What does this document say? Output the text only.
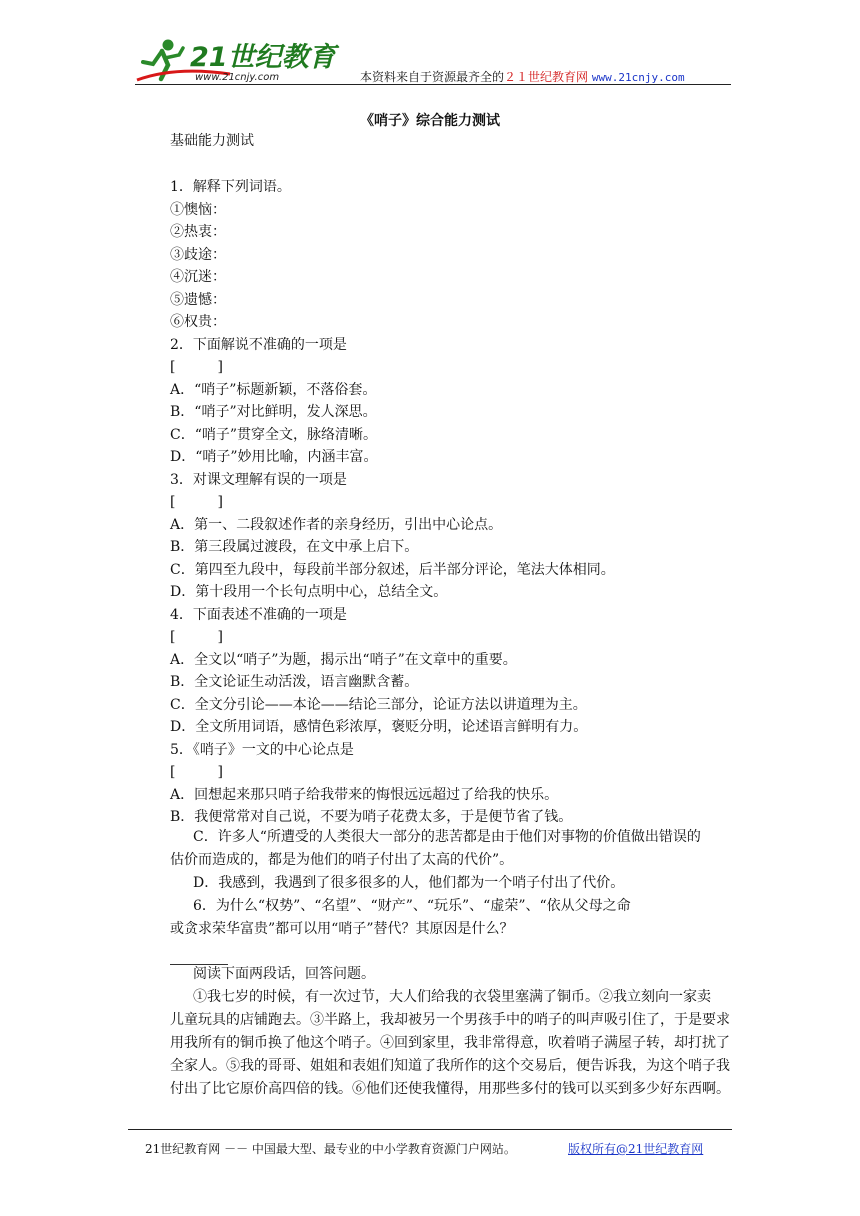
21世纪教育
www.21cnjy.com	本资料来自于资源最齐全的２１世纪教育网 www.21cnjy.com
《哨子》综合能力测试
基础能力测试
1．解释下列词语。
①懊恼：
②热衷：
③歧途：
④沉迷：
⑤遗憾：
⑥权贵：
2．下面解说不准确的一项是
[　　　]
A．“哨子”标题新颖，不落俗套。
B．“哨子”对比鲜明，发人深思。
C．“哨子”贯穿全文，脉络清晰。
D．“哨子”妙用比喻，内涵丰富。
3．对课文理解有误的一项是
[　　　]
A．第一、二段叙述作者的亲身经历，引出中心论点。
B．第三段属过渡段，在文中承上启下。
C．第四至九段中，每段前半部分叙述，后半部分评论，笔法大体相同。
D．第十段用一个长句点明中心，总结全文。
4．下面表述不准确的一项是
[　　　]
A．全文以“哨子”为题，揭示出“哨子”在文章中的重要。
B．全文论证生动活泼，语言幽默含蓄。
C．全文分引论——本论——结论三部分，论证方法以讲道理为主。
D．全文所用词语，感情色彩浓厚，褒贬分明，论述语言鲜明有力。
5．《哨子》一文的中心论点是
[　　　]
A．回想起来那只哨子给我带来的悔恨远远超过了给我的快乐。
B．我便常常对自己说，不要为哨子花费太多，于是便节省了钱。
C．许多人“所遭受的人类很大一部分的悲苦都是由于他们对事物的价值做出错误的
估价而造成的，都是为他们的哨子付出了太高的代价”。
D．我感到，我遇到了很多很多的人，他们都为一个哨子付出了代价。
6．为什么“权势”、“名望”、“财产”、“玩乐”、“虚荣”、“依从父母之命
或贪求荣华富贵”都可以用“哨子”替代？其原因是什么？
阅读下面两段话，回答问题。
①我七岁的时候，有一次过节，大人们给我的衣袋里塞满了铜币。②我立刻向一家卖
儿童玩具的店铺跑去。③半路上，我却被另一个男孩手中的哨子的叫声吸引住了，于是要求
用我所有的铜币换了他这个哨子。④回到家里，我非常得意，吹着哨子满屋子转，却打扰了
全家人。⑤我的哥哥、姐姐和表姐们知道了我所作的这个交易后，便告诉我，为这个哨子我
付出了比它原价高四倍的钱。⑥他们还使我懂得，用那些多付的钱可以买到多少好东西啊。
21世纪教育网 －－ 中国最大型、最专业的中小学教育资源门户网站。	版权所有@21世纪教育网
